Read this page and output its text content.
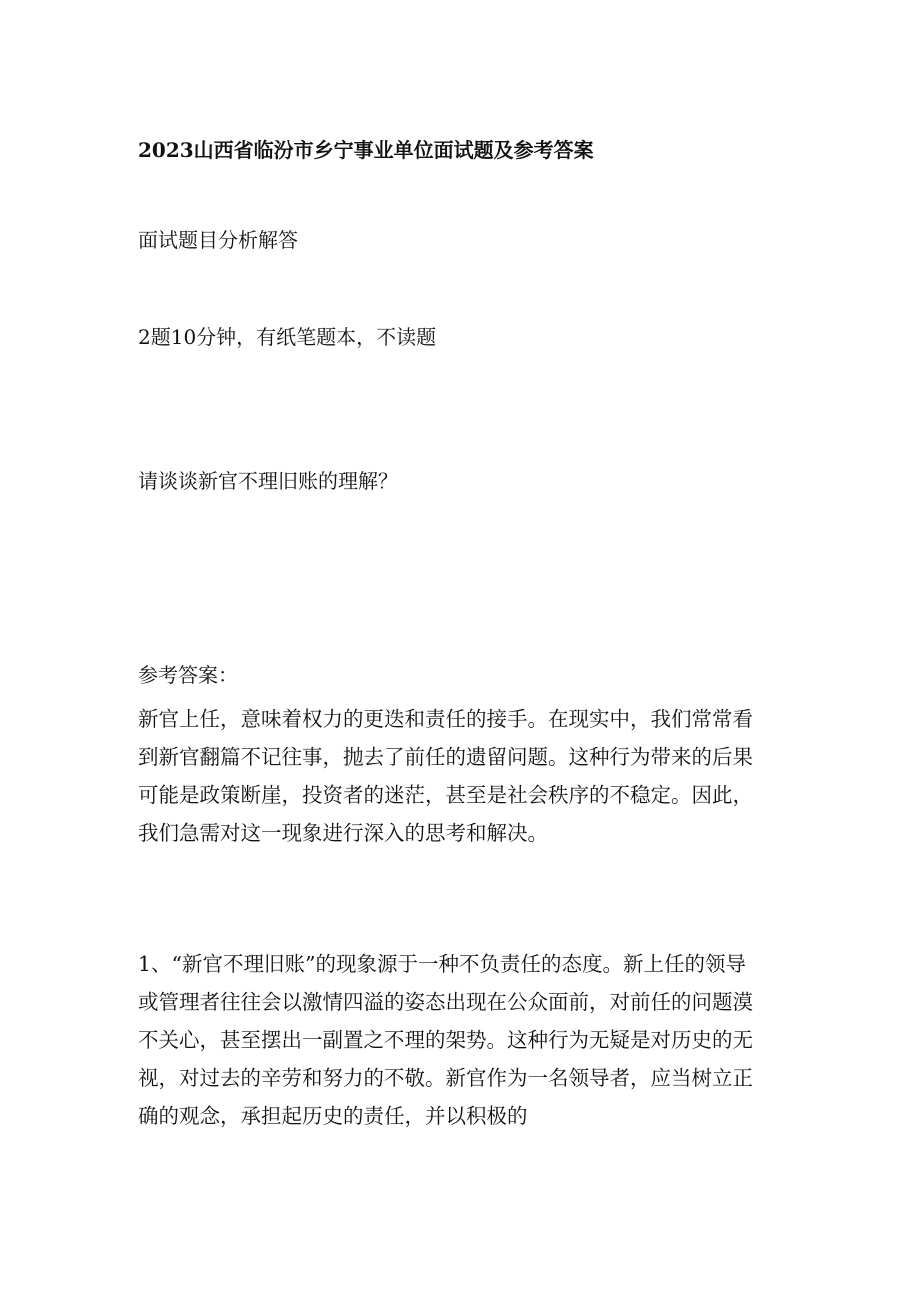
2023山西省临汾市乡宁事业单位面试题及参考答案
面试题目分析解答
2题10分钟，有纸笔题本，不读题
请谈谈新官不理旧账的理解？
参考答案：
新官上任，意味着权力的更迭和责任的接手。在现实中，我们常常看
到新官翻篇不记往事，抛去了前任的遗留问题。这种行为带来的后果
可能是政策断崖，投资者的迷茫，甚至是社会秩序的不稳定。因此，
我们急需对这一现象进行深入的思考和解决。
1、“新官不理旧账”的现象源于一种不负责任的态度。新上任的领导
或管理者往往会以激情四溢的姿态出现在公众面前，对前任的问题漠
不关心，甚至摆出一副置之不理的架势。这种行为无疑是对历史的无
视，对过去的辛劳和努力的不敬。新官作为一名领导者，应当树立正
确的观念，承担起历史的责任，并以积极的
